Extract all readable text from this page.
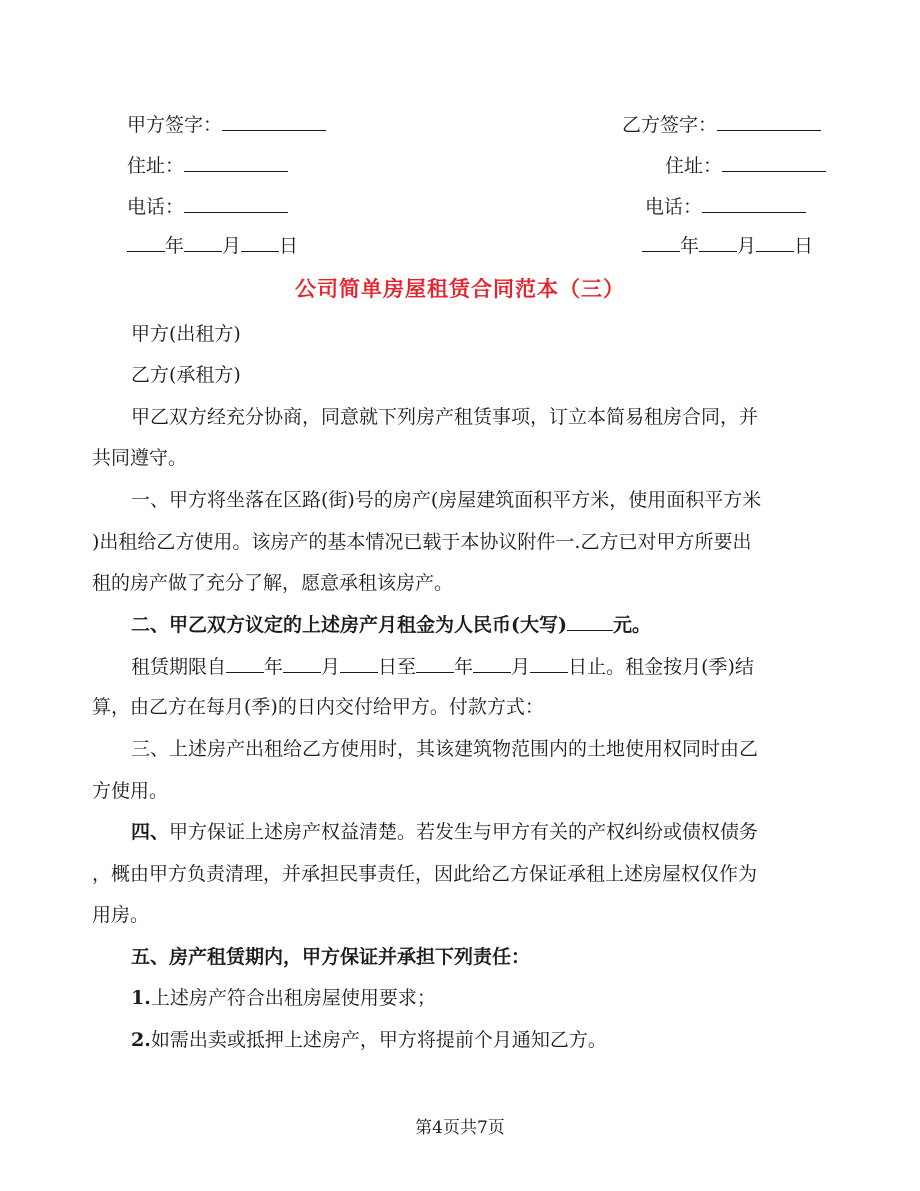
甲方签字：
住址：
电话：
年 月 日
乙方签字：
住址：
电话：
年 月 日
公司简单房屋租赁合同范本（三）
甲方(出租方)
乙方(承租方)
甲乙双方经充分协商，同意就下列房产租赁事项，订立本简易租房合同，并
共同遵守。
一、甲方将坐落在区路(街)号的房产(房屋建筑面积平方米，使用面积平方米
)出租给乙方使用。该房产的基本情况已载于本协议附件一.乙方已对甲方所要出
租的房产做了充分了解，愿意承租该房产。
二、甲乙双方议定的上述房产月租金为人民币(大写) 元。
租赁期限自 年 月 日至 年 月 日止。租金按月(季)结
算，由乙方在每月(季)的日内交付给甲方。付款方式：
三、上述房产出租给乙方使用时，其该建筑物范围内的土地使用权同时由乙
方使用。
四、甲方保证上述房产权益清楚。若发生与甲方有关的产权纠纷或债权债务
，概由甲方负责清理，并承担民事责任，因此给乙方保证承租上述房屋权仅作为
用房。
五、房产租赁期内，甲方保证并承担下列责任：
1.上述房产符合出租房屋使用要求；
2.如需出卖或抵押上述房产，甲方将提前个月通知乙方。
第4页共7页
